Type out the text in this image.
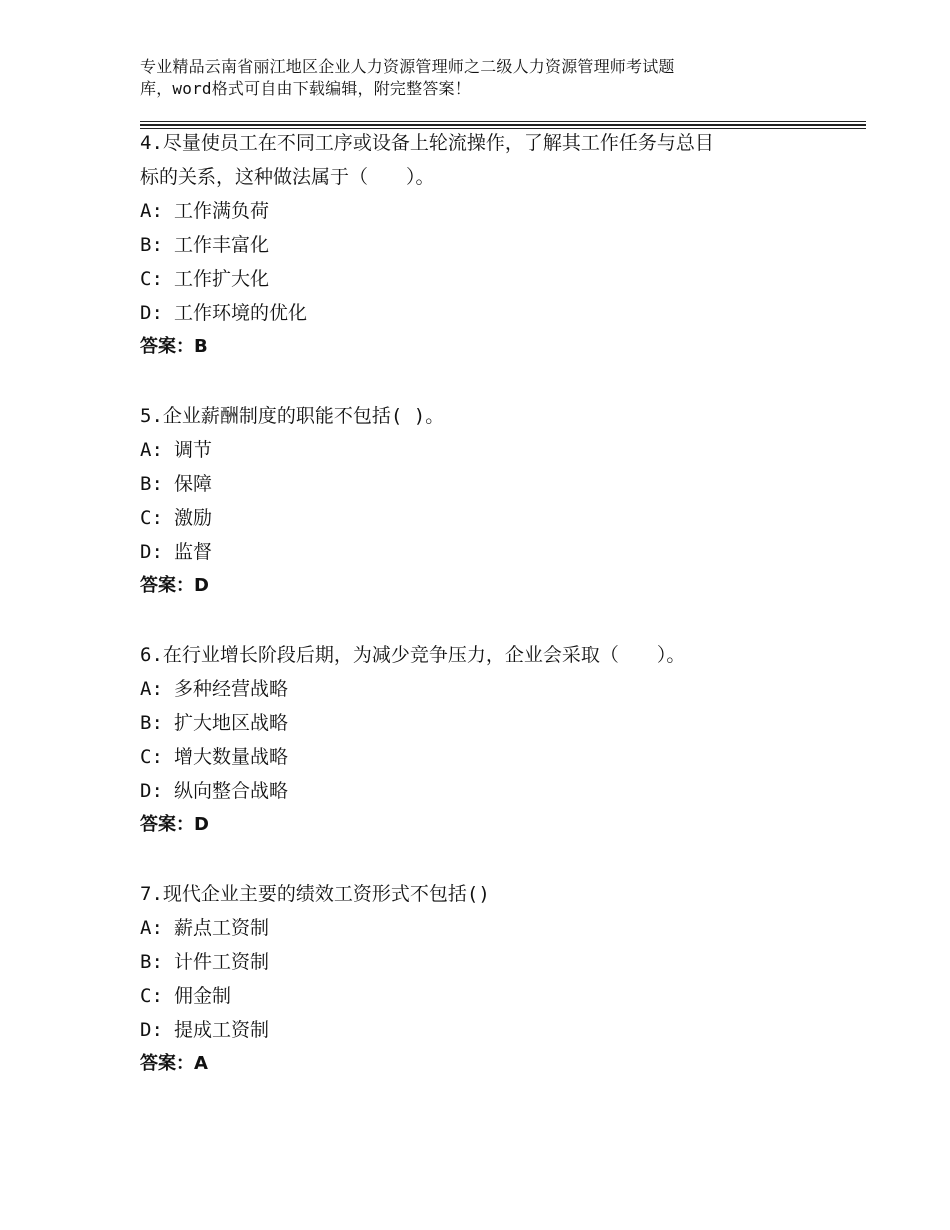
专业精品云南省丽江地区企业人力资源管理师之二级人力资源管理师考试题
库，word格式可自由下载编辑，附完整答案！
4.尽量使员工在不同工序或设备上轮流操作，了解其工作任务与总目
标的关系，这种做法属于（　　）。
A: 工作满负荷
B: 工作丰富化
C: 工作扩大化
D: 工作环境的优化
答案：B
5.企业薪酬制度的职能不包括( )。
A: 调节
B: 保障
C: 激励
D: 监督
答案：D
6.在行业增长阶段后期，为减少竞争压力，企业会采取（　　）。
A: 多种经营战略
B: 扩大地区战略
C: 增大数量战略
D: 纵向整合战略
答案：D
7.现代企业主要的绩效工资形式不包括()
A: 薪点工资制
B: 计件工资制
C: 佣金制
D: 提成工资制
答案：A
